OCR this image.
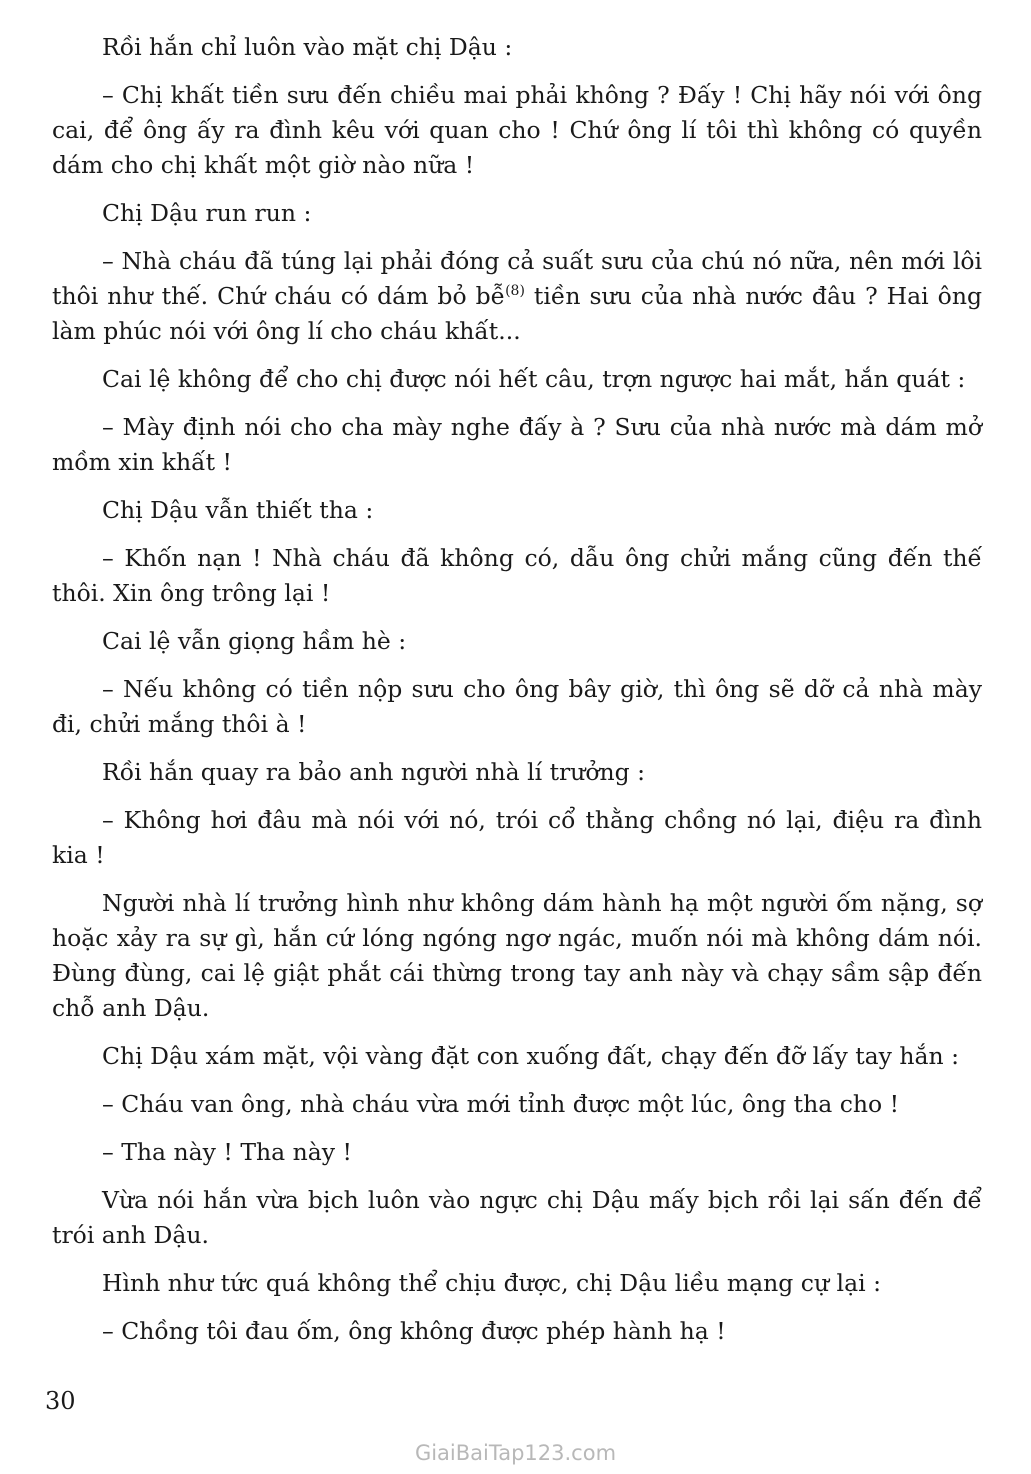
Rồi hắn chỉ luôn vào mặt chị Dậu :

– Chị khất tiền sưu đến chiều mai phải không ? Đấy ! Chị hãy nói với ông cai, để ông ấy ra đình kêu với quan cho ! Chứ ông lí tôi thì không có quyền dám cho chị khất một giờ nào nữa !

Chị Dậu run run :

– Nhà cháu đã túng lại phải đóng cả suất sưu của chú nó nữa, nên mới lôi thôi như thế. Chứ cháu có dám bỏ bễ$^{(8)}$ tiền sưu của nhà nước đâu ? Hai ông làm phúc nói với ông lí cho cháu khất...

Cai lệ không để cho chị được nói hết câu, trợn ngược hai mắt, hắn quát :

– Mày định nói cho cha mày nghe đấy à ? Sưu của nhà nước mà dám mở mồm xin khất !

Chị Dậu vẫn thiết tha :

– Khốn nạn ! Nhà cháu đã không có, dẫu ông chửi mắng cũng đến thế thôi. Xin ông trông lại !

Cai lệ vẫn giọng hầm hè :

– Nếu không có tiền nộp sưu cho ông bây giờ, thì ông sẽ dỡ cả nhà mày đi, chửi mắng thôi à !

Rồi hắn quay ra bảo anh người nhà lí trưởng :

– Không hơi đâu mà nói với nó, trói cổ thằng chồng nó lại, điệu ra đình kia !

Người nhà lí trưởng hình như không dám hành hạ một người ốm nặng, sợ hoặc xảy ra sự gì, hắn cứ lóng ngóng ngơ ngác, muốn nói mà không dám nói. Đùng đùng, cai lệ giật phắt cái thừng trong tay anh này và chạy sầm sập đến chỗ anh Dậu.

Chị Dậu xám mặt, vội vàng đặt con xuống đất, chạy đến đỡ lấy tay hắn :

– Cháu van ông, nhà cháu vừa mới tỉnh được một lúc, ông tha cho !

– Tha này ! Tha này !

Vừa nói hắn vừa bịch luôn vào ngực chị Dậu mấy bịch rồi lại sấn đến để trói anh Dậu.

Hình như tức quá không thể chịu được, chị Dậu liều mạng cự lại :

– Chồng tôi đau ốm, ông không được phép hành hạ !

30

GiaiBaiTap123.com
